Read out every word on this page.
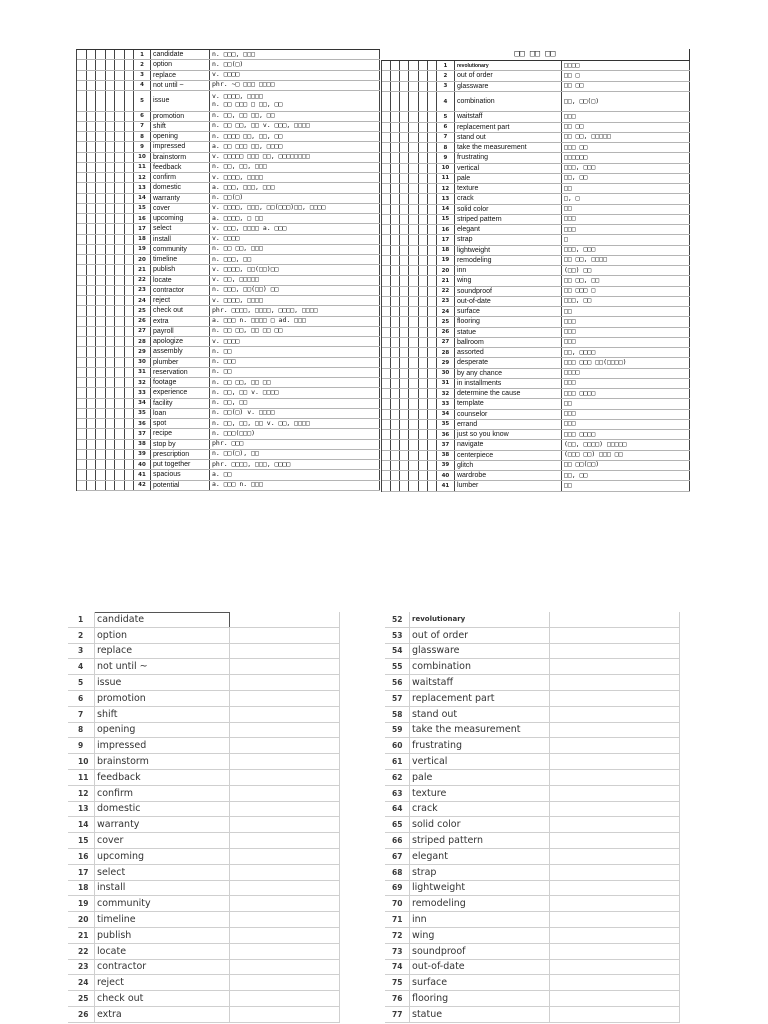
1	candidate	n. □□□, □□□
2	option	n. □□(□)
3	replace	v. □□□□
4	not until ~	phr. ~□ □□□ □□□□
5	issue
v. □□□□, □□□□
n. □□ □□□ □ □□, □□
6	promotion	n. □□, □□ □□, □□
7	shift	n. □□ □□, □□ v. □□□, □□□□
8	opening	n. □□□□ □□, □□, □□
9	impressed	a. □□ □□□ □□, □□□□
10	brainstorm	v. □□□□□ □□□ □□, □□□□□□□□
11	feedback	n. □□, □□, □□□
12	confirm	v. □□□□, □□□□
13	domestic	a. □□□, □□□, □□□
14	warranty	n. □□(□)
15	cover	v. □□□□, □□□, □□(□□□)□□, □□□□
16	upcoming	a. □□□□, □ □□
17	select	v. □□□, □□□□ a. □□□
18	install	v. □□□□
19	community	n. □□ □□, □□□
20	timeline	n. □□□, □□
21	publish	v. □□□□, □□(□□)□□
22	locate	v. □□, □□□□□
23	contractor	n. □□□, □□(□□) □□
24	reject	v. □□□□, □□□□
25	check out	phr. □□□□, □□□□, □□□□, □□□□
26	extra	a. □□□ n. □□□□ □ ad. □□□
27	payroll	n. □□ □□, □□ □□ □□
28	apologize	v. □□□□
29	assembly	n. □□
30	plumber	n. □□□
31	reservation	n. □□
32	footage	n. □□ □□, □□ □□
33	experience	n. □□, □□ v. □□□□
34	facility	n. □□, □□
35	loan	n. □□(□) v. □□□□
36	spot	n. □□, □□, □□ v. □□, □□□□
37	recipe	n. □□□(□□□)
38	stop by	phr. □□□
39	prescription	n. □□(□), □□
40	put together	phr. □□□□, □□□, □□□□
41	spacious	a. □□
42	potential	a. □□□ n. □□□
□□ □□ □□
1	revolutionary	□□□□
2	out of order	□□ □
3	glassware	□□ □□
4	combination	□□, □□(□)
5	waitstaff	□□□
6	replacement part	□□ □□
7	stand out	□□ □□, □□□□□
8	take the measurement	□□□ □□
9	frustrating	□□□□□□
10	vertical	□□□, □□□
11	pale	□□, □□
12	texture	□□
13	crack	□, □
14	solid color	□□
15	striped pattern	□□□
16	elegant	□□□
17	strap	□
18	lightweight	□□□, □□□
19	remodeling	□□ □□, □□□□
20	inn	(□□) □□
21	wing	□□ □□, □□
22	soundproof	□□ □□□ □
23	out-of-date	□□□, □□
24	surface	□□
25	flooring	□□□
26	statue	□□□
27	ballroom	□□□
28	assorted	□□, □□□□
29	desperate	□□□ □□□ □□(□□□□)
30	by any chance	□□□□
31	in installments	□□□
32	determine the cause	□□□ □□□□
33	template	□□
34	counselor	□□□
35	errand	□□□
36	just so you know	□□□ □□□□
37	navigate	(□□, □□□□) □□□□□
38	centerpiece	(□□□ □□) □□□ □□
39	glitch	□□ □□(□□)
40	wardrobe	□□, □□
41	lumber	□□
1	candidate
2	option
3	replace
4	not until ~
5	issue
6	promotion
7	shift
8	opening
9	impressed
10 brainstorm
11 feedback
12 confirm
13 domestic
14 warranty
15 cover
16 upcoming
17 select
18 install
19 community
20 timeline
21 publish
22 locate
23 contractor
24 reject
25 check out
26 extra
52	revolutionary
53	out of order
54	glassware
55	combination
56	waitstaff
57	replacement part
58	stand out
59	take the measurement
60	frustrating
61	vertical
62	pale
63	texture
64	crack
65	solid color
66	striped pattern
67	elegant
68	strap
69	lightweight
70	remodeling
71	inn
72	wing
73	soundproof
74	out-of-date
75	surface
76	flooring
77	statue
